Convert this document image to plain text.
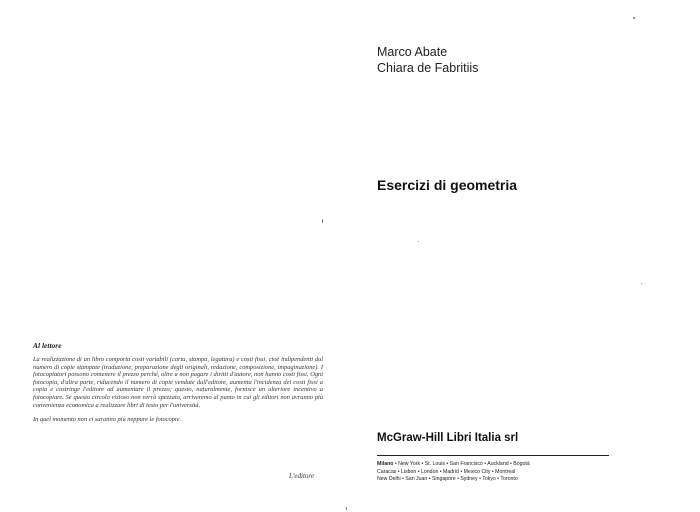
Al lettore

La realizzazione di un libro comporta costi variabili (carta, stampa, legatura) e costi fissi, cioè indipendenti dal numero di copie stampate (traduzione, preparazione degli originali, redazione, composizione, impaginazione). I fotocopiatori possono contenere il prezzo perché, oltre a non pagare i diritti d'autore, non hanno costi fissi. Ogni fotocopia, d'altra parte, riducendo il numero di copie vendute dall'editore, aumenta l'incidenza dei costi fissi a copia e costringe l'editore ad aumentare il prezzo; questo, naturalmente, fornisce un ulteriore incentivo a fotocopiare. Se questo circolo vizioso non verrà spezzato, arriveremo al punto in cui gli editori non avranno più convenienza economica a realizzare libri di testo per l'università.

In quel momento non ci saranno più neppure le fotocopie.

L'editore
Marco Abate
Chiara de Fabritiis
Esercizi di geometria
McGraw-Hill Libri Italia srl
Milano • New York • St. Louis • San Francisco • Auckland • Bogotá
Caracas • Lisbon • London • Madrid • Mexico City • Montreal
New Delhi • San Juan • Singapore • Sydney • Tokyo • Toronto
